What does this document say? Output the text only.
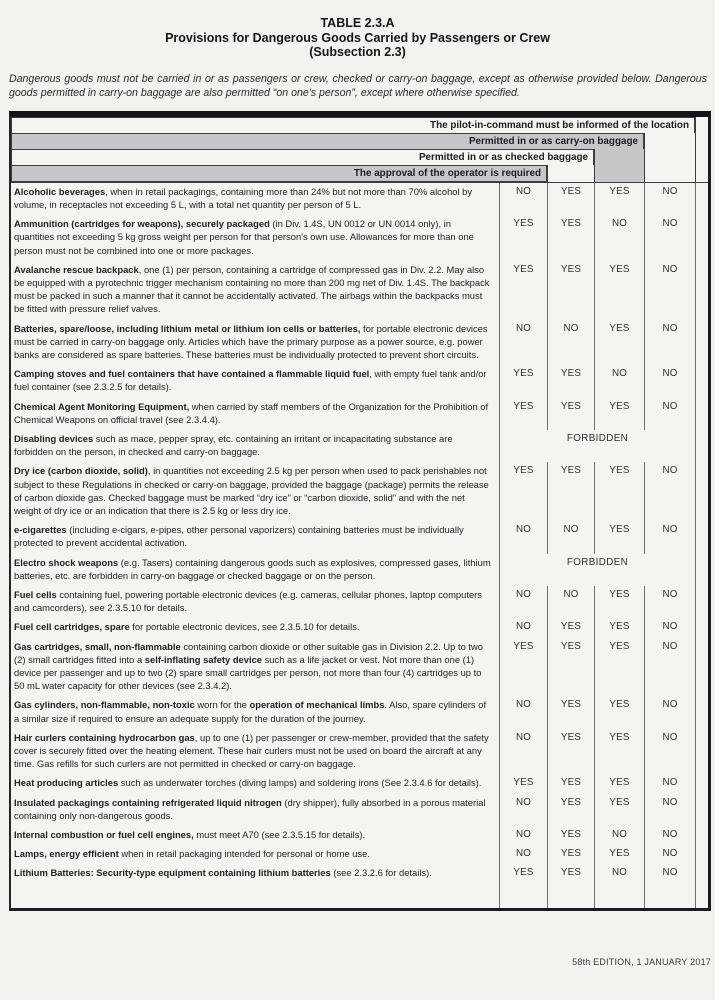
TABLE 2.3.A
Provisions for Dangerous Goods Carried by Passengers or Crew
(Subsection 2.3)

Dangerous goods must not be carried in or as passengers or crew, checked or carry-on baggage, except as otherwise provided below. Dangerous goods permitted in carry-on baggage are also permitted “on one's person”, except where otherwise specified.

The pilot-in-command must be informed of the location
Permitted in or as carry-on baggage
Permitted in or as checked baggage
The approval of the operator is required
Alcoholic beverages, when in retail packagings, containing more than 24% but not more than 70% alcohol by volume, in receptacles not exceeding 5 L, with a total net quantity per person of 5 L.
NO	YES	YES	NO
Ammunition (cartridges for weapons), securely packaged (in Div. 1.4S, UN 0012 or UN 0014 only), in quantities not exceeding 5 kg gross weight per person for that person's own use. Allowances for more than one person must not be combined into one or more packages.
YES	YES	NO	NO
Avalanche rescue backpack, one (1) per person, containing a cartridge of compressed gas in Div. 2.2. May also be equipped with a pyrotechnic trigger mechanism containing no more than 200 mg net of Div. 1.4S. The backpack must be packed in such a manner that it cannot be accidentally activated. The airbags within the backpacks must be fitted with pressure relief valves.
YES	YES	YES	NO
Batteries, spare/loose, including lithium metal or lithium ion cells or batteries, for portable electronic devices must be carried in carry-on baggage only. Articles which have the primary purpose as a power source, e.g. power banks are considered as spare batteries. These batteries must be individually protected to prevent short circuits.
NO	NO	YES	NO
Camping stoves and fuel containers that have contained a flammable liquid fuel, with empty fuel tank and/or fuel container (see 2.3.2.5 for details).
YES	YES	NO	NO
Chemical Agent Monitoring Equipment, when carried by staff members of the Organization for the Prohibition of Chemical Weapons on official travel (see 2.3.4.4).
YES	YES	YES	NO
Disabling devices such as mace, pepper spray, etc. containing an irritant or incapacitating substance are forbidden on the person, in checked and carry-on baggage.
FORBIDDEN
Dry ice (carbon dioxide, solid), in quantities not exceeding 2.5 kg per person when used to pack perishables not subject to these Regulations in checked or carry-on baggage, provided the baggage (package) permits the release of carbon dioxide gas. Checked baggage must be marked “dry ice” or “carbon dioxide, solid” and with the net weight of dry ice or an indication that there is 2.5 kg or less dry ice.
YES	YES	YES	NO
e-cigarettes (including e-cigars, e-pipes, other personal vaporizers) containing batteries must be individually protected to prevent accidental activation.
NO	NO	YES	NO
Electro shock weapons (e.g. Tasers) containing dangerous goods such as explosives, compressed gases, lithium batteries, etc. are forbidden in carry-on baggage or checked baggage or on the person.
FORBIDDEN
Fuel cells containing fuel, powering portable electronic devices (e.g. cameras, cellular phones, laptop computers and camcorders), see 2.3.5.10 for details.
NO	NO	YES	NO
Fuel cell cartridges, spare for portable electronic devices, see 2.3.5.10 for details.	NO	YES	YES	NO
Gas cartridges, small, non-flammable containing carbon dioxide or other suitable gas in Division 2.2. Up to two (2) small cartridges fitted into a self-inflating safety device such as a life jacket or vest. Not more than one (1) device per passenger and up to two (2) spare small cartridges per person, not more than four (4) cartridges up to 50 mL water capacity for other devices (see 2.3.4.2).
YES	YES	YES	NO
Gas cylinders, non-flammable, non-toxic worn for the operation of mechanical limbs. Also, spare cylinders of a similar size if required to ensure an adequate supply for the duration of the journey.
NO	YES	YES	NO
Hair curlers containing hydrocarbon gas, up to one (1) per passenger or crew-member, provided that the safety cover is securely fitted over the heating element. These hair curlers must not be used on board the aircraft at any time. Gas refills for such curlers are not permitted in checked or carry-on baggage.
NO	YES	YES	NO
Heat producing articles such as underwater torches (diving lamps) and soldering irons (See 2.3.4.6 for details).	YES	YES	YES	NO
Insulated packagings containing refrigerated liquid nitrogen (dry shipper), fully absorbed in a porous material containing only non-dangerous goods.
NO	YES	YES	NO
Internal combustion or fuel cell engines, must meet A70 (see 2.3.5.15 for details).	NO	YES	NO	NO
Lamps, energy efficient when in retail packaging intended for personal or home use.	NO	YES	YES	NO
Lithium Batteries: Security-type equipment containing lithium batteries (see 2.3.2.6 for details).	YES	YES	NO	NO
58th EDITION, 1 JANUARY 2017
